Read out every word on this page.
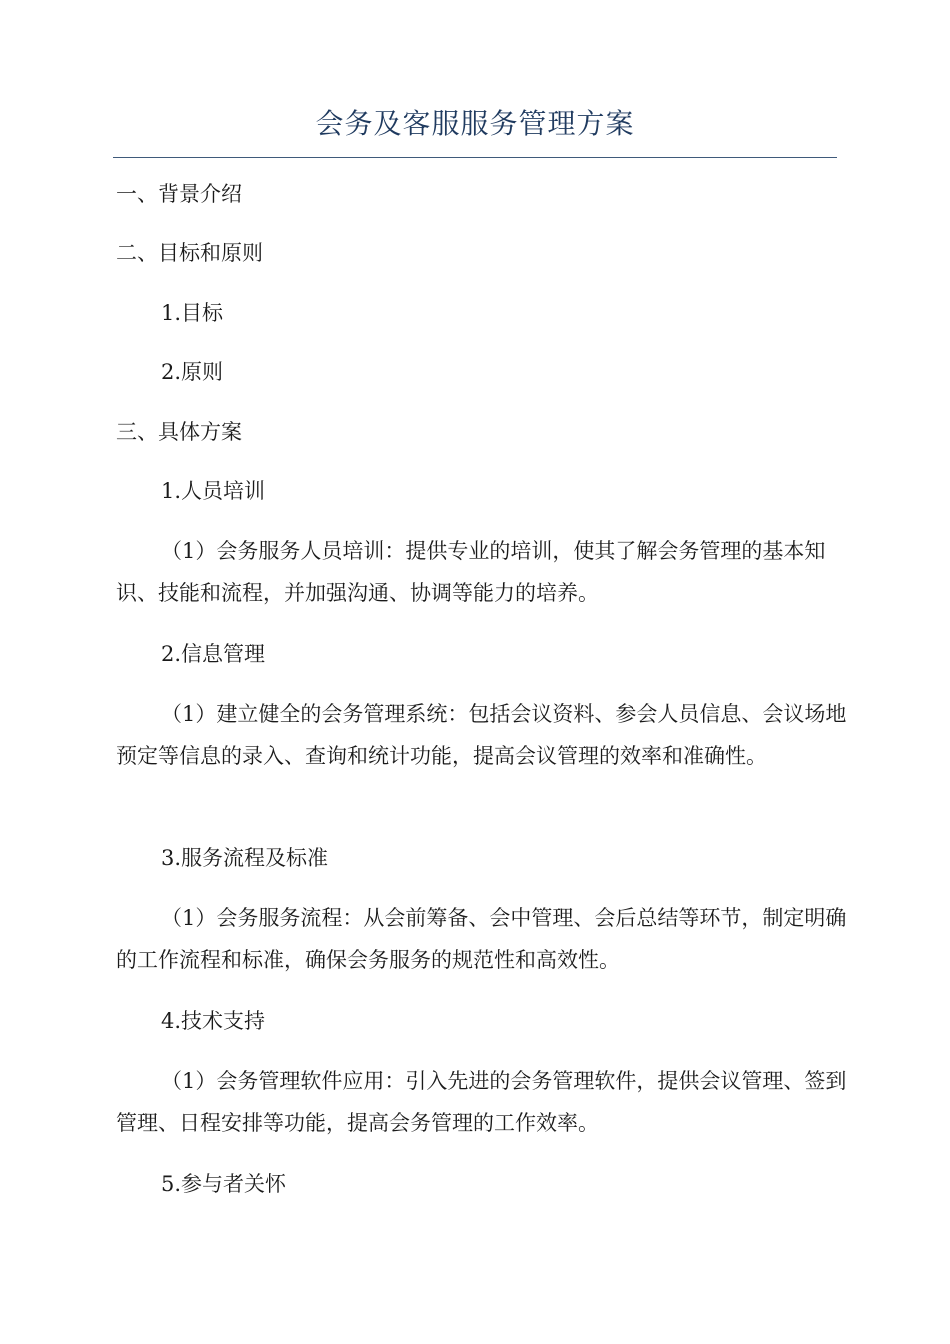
会务及客服服务管理方案
一、背景介绍
二、目标和原则
1.目标
2.原则
三、具体方案
1.人员培训
（1）会务服务人员培训：提供专业的培训，使其了解会务管理的基本知识、技能和流程，并加强沟通、协调等能力的培养。
2.信息管理
（1）建立健全的会务管理系统：包括会议资料、参会人员信息、会议场地预定等信息的录入、查询和统计功能，提高会议管理的效率和准确性。
3.服务流程及标准
（1）会务服务流程：从会前筹备、会中管理、会后总结等环节，制定明确的工作流程和标准，确保会务服务的规范性和高效性。
4.技术支持
（1）会务管理软件应用：引入先进的会务管理软件，提供会议管理、签到管理、日程安排等功能，提高会务管理的工作效率。
5.参与者关怀
